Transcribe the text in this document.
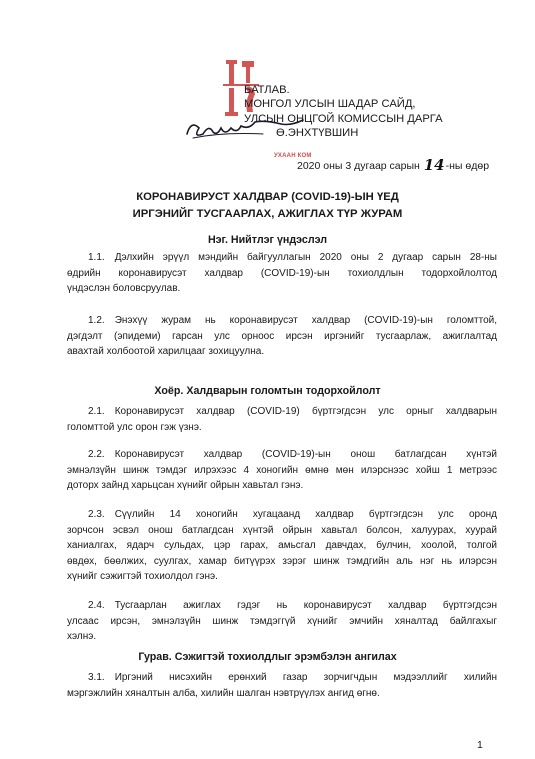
БАТЛАВ.
МОНГОЛ УЛСЫН ШАДАР САЙД,
УЛСЫН ОНЦГОЙ КОМИССЫН ДАРГА
Ө.ЭНХТҮВШИН
УХААН КОМ
2020 оны 3 дугаар сарын 14-ны өдөр
КОРОНАВИРУСТ ХАЛДВАР (COVID-19)-ЫН ҮЕД
ИРГЭНИЙГ ТУСГААРЛАХ, АЖИГЛАХ ТҮР ЖУРАМ
Нэг. Нийтлэг үндэслэл
1.1. Дэлхийн эрүүл мэндийн байгууллагын 2020 оны 2 дугаар сарын 28-ны
өдрийн коронавирусэт халдвар (COVID-19)-ын тохиолдлын тодорхойлолтод
үндэслэн боловсруулав.
1.2. Энэхүү журам нь коронавирусэт халдвар (COVID-19)-ын голомттой,
дэгдэлт (эпидеми) гарсан улс орноос ирсэн иргэнийг тусгаарлаж, ажиглалтад
авахтай холбоотой харилцааг зохицуулна.
Хоёр. Халдварын голомтын тодорхойлолт
2.1. Коронавирусэт халдвар (COVID-19) бүртгэгдсэн улс орныг халдварын
голомттой улс орон гэж үзнэ.
2.2. Коронавирусэт халдвар (COVID-19)-ын онош батлагдсан хүнтэй
эмнэлзүйн шинж тэмдэг илрэхээс 4 хоногийн өмнө мөн илэрснээс хойш 1 метрээс
доторх зайнд харьцсан хүнийг ойрын хавьтал гэнэ.
2.3. Сүүлийн 14 хоногийн хугацаанд халдвар бүртгэгдсэн улс оронд
зорчсон эсвэл онош батлагдсан хүнтэй ойрын хавьтал болсон, халуурах, хуурай
ханиалгах, ядарч сульдах, цэр гарах, амьсгал давчдах, булчин, хоолой, толгой
өвдөх, бөөлжих, суулгах, хамар битүүрэх зэрэг шинж тэмдгийн аль нэг нь илэрсэн
хүнийг сэжигтэй тохиолдол гэнэ.
2.4. Тусгаарлан ажиглах гэдэг нь коронавирусэт халдвар бүртгэгдсэн
улсаас ирсэн, эмнэлзүйн шинж тэмдэггүй хүнийг эмчийн хяналтад байлгахыг
хэлнэ.
Гурав. Сэжигтэй тохиолдлыг эрэмбэлэн ангилах
3.1. Иргэний нисэхийн ерөнхий газар зорчигчдын мэдээллийг хилийн
мэргэжлийн хяналтын алба, хилийн шалган нэвтрүүлэх ангид өгнө.
1
